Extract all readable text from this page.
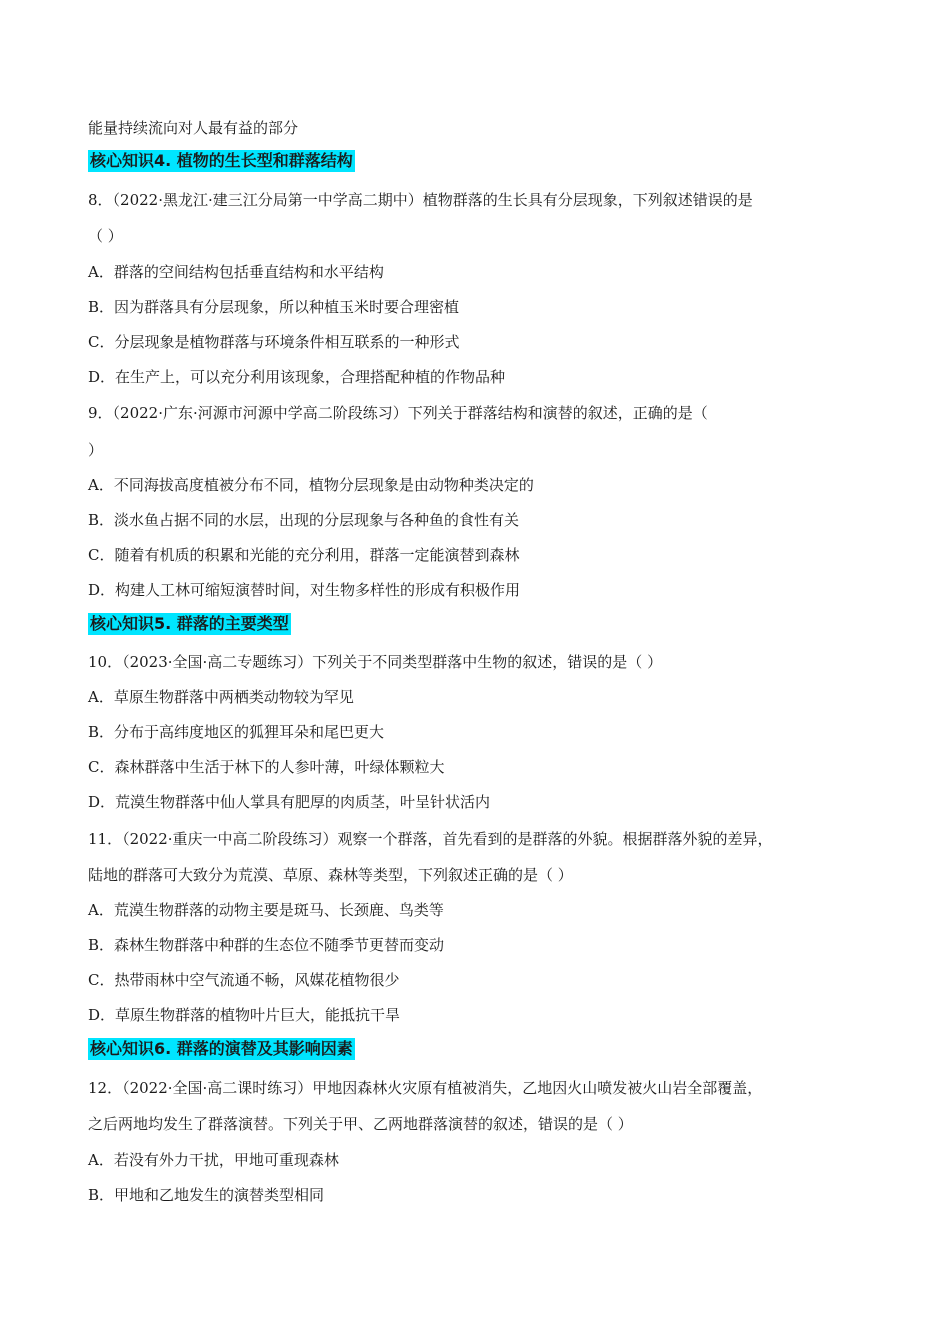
能量持续流向对人最有益的部分
核心知识4. 植物的生长型和群落结构
8．（2022·黑龙江·建三江分局第一中学高二期中）植物群落的生长具有分层现象，下列叙述错误的是
（ ）
A．群落的空间结构包括垂直结构和水平结构
B．因为群落具有分层现象，所以种植玉米时要合理密植
C．分层现象是植物群落与环境条件相互联系的一种形式
D．在生产上，可以充分利用该现象，合理搭配种植的作物品种
9．（2022·广东·河源市河源中学高二阶段练习）下列关于群落结构和演替的叙述，正确的是（
）
A．不同海拔高度植被分布不同，植物分层现象是由动物种类决定的
B．淡水鱼占据不同的水层，出现的分层现象与各种鱼的食性有关
C．随着有机质的积累和光能的充分利用，群落一定能演替到森林
D．构建人工林可缩短演替时间，对生物多样性的形成有积极作用
核心知识5. 群落的主要类型
10．（2023·全国·高二专题练习）下列关于不同类型群落中生物的叙述，错误的是（ ）
A．草原生物群落中两栖类动物较为罕见
B．分布于高纬度地区的狐狸耳朵和尾巴更大
C．森林群落中生活于林下的人参叶薄，叶绿体颗粒大
D．荒漠生物群落中仙人掌具有肥厚的肉质茎，叶呈针状活内
11．（2022·重庆一中高二阶段练习）观察一个群落，首先看到的是群落的外貌。根据群落外貌的差异，
陆地的群落可大致分为荒漠、草原、森林等类型，下列叙述正确的是（ ）
A．荒漠生物群落的动物主要是斑马、长颈鹿、鸟类等
B．森林生物群落中种群的生态位不随季节更替而变动
C．热带雨林中空气流通不畅，风媒花植物很少
D．草原生物群落的植物叶片巨大，能抵抗干旱
核心知识6. 群落的演替及其影响因素
12．（2022·全国·高二课时练习）甲地因森林火灾原有植被消失，乙地因火山喷发被火山岩全部覆盖，
之后两地均发生了群落演替。下列关于甲、乙两地群落演替的叙述，错误的是（ ）
A．若没有外力干扰，甲地可重现森林
B．甲地和乙地发生的演替类型相同
